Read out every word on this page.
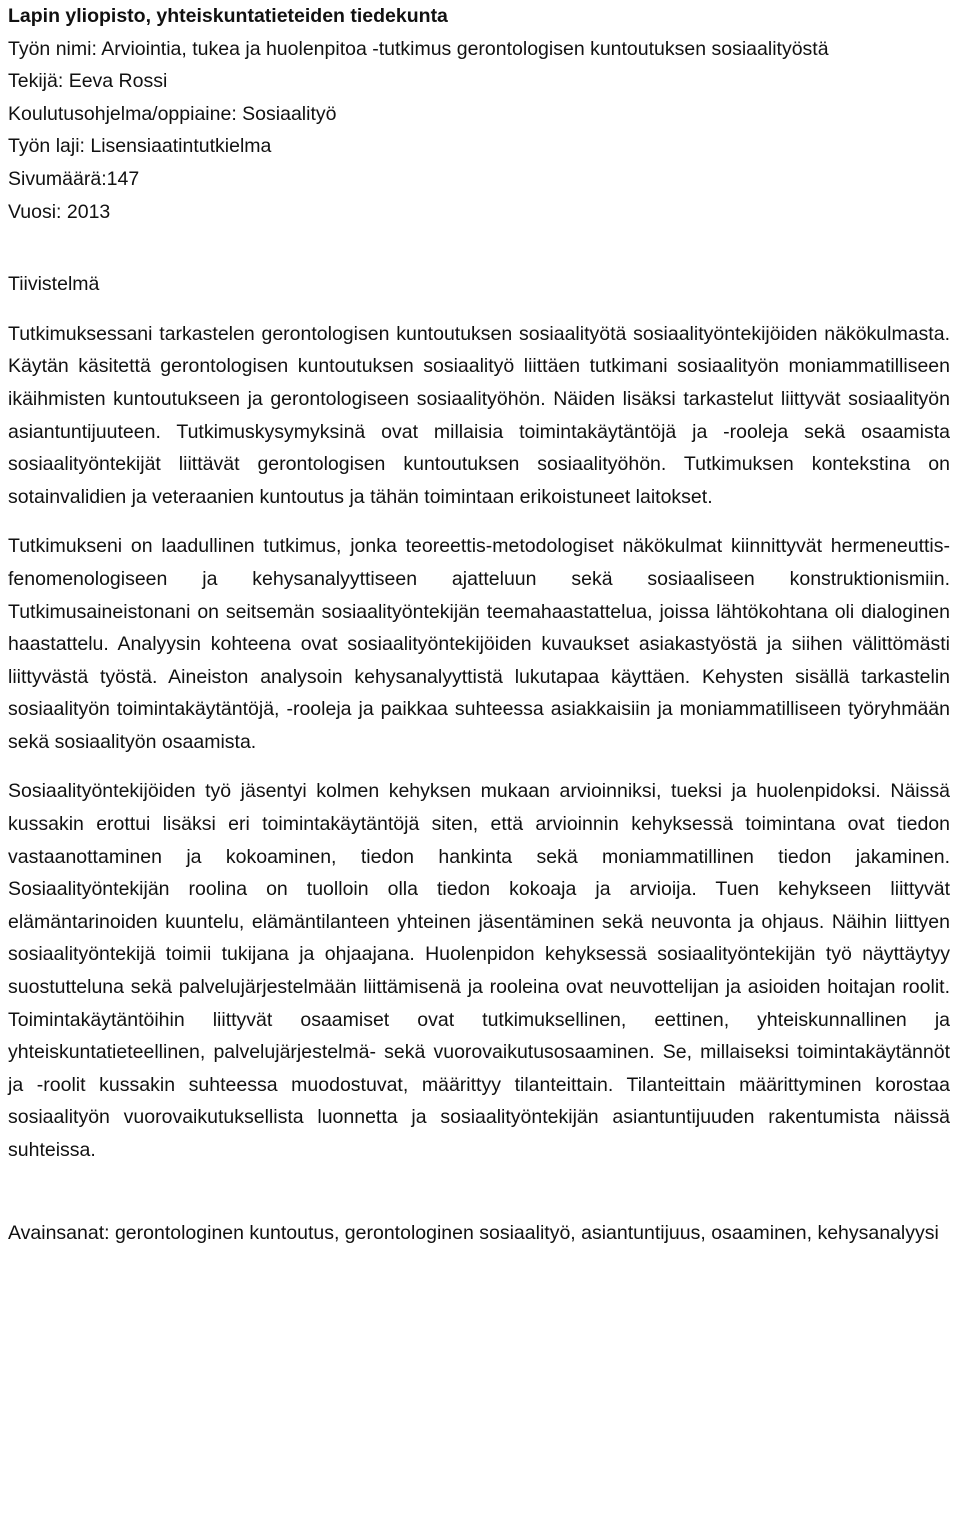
Lapin yliopisto, yhteiskuntatieteiden tiedekunta
Työn nimi: Arviointia, tukea ja huolenpitoa -tutkimus gerontologisen kuntoutuksen sosiaalityöstä
Tekijä: Eeva Rossi
Koulutusohjelma/oppiaine: Sosiaalityö
Työn laji: Lisensiaatintutkielma
Sivumäärä:147
Vuosi: 2013
Tiivistelmä

Tutkimuksessani tarkastelen gerontologisen kuntoutuksen sosiaalityötä sosiaalityöntekijöiden näkökulmasta. Käytän käsitettä gerontologisen kuntoutuksen sosiaalityö liittäen tutkimani sosiaalityön moniammatilliseen ikäihmisten kuntoutukseen ja gerontologiseen sosiaalityöhön. Näiden lisäksi tarkastelut liittyvät sosiaalityön asiantuntijuuteen. Tutkimuskysymyksinä ovat millaisia toimintakäytäntöjä ja -rooleja sekä osaamista sosiaalityöntekijät liittävät gerontologisen kuntoutuksen sosiaalityöhön. Tutkimuksen kontekstina on sotainvalidien ja veteraanien kuntoutus ja tähän toimintaan erikoistuneet laitokset.

Tutkimukseni on laadullinen tutkimus, jonka teoreettis-metodologiset näkökulmat kiinnittyvät hermeneuttis-fenomenologiseen ja kehysanalyyttiseen ajatteluun sekä sosiaaliseen konstruktionismiin. Tutkimusaineistonani on seitsemän sosiaalityöntekijän teemahaastattelua, joissa lähtökohtana oli dialoginen haastattelu. Analyysin kohteena ovat sosiaalityöntekijöiden kuvaukset asiakastyöstä ja siihen välittömästi liittyvästä työstä. Aineiston analysoin kehysanalyyttistä lukutapaa käyttäen. Kehysten sisällä tarkastelin sosiaalityön toimintakäytäntöjä, -rooleja ja paikkaa suhteessa asiakkaisiin ja moniammatilliseen työryhmään sekä sosiaalityön osaamista.

Sosiaalityöntekijöiden työ jäsentyi kolmen kehyksen mukaan arvioinniksi, tueksi ja huolenpidoksi. Näissä kussakin erottui lisäksi eri toimintakäytäntöjä siten, että arvioinnin kehyksessä toimintana ovat tiedon vastaanottaminen ja kokoaminen, tiedon hankinta sekä moniammatillinen tiedon jakaminen. Sosiaalityöntekijän roolina on tuolloin olla tiedon kokoaja ja arvioija. Tuen kehykseen liittyvät elämäntarinoiden kuuntelu, elämäntilanteen yhteinen jäsentäminen sekä neuvonta ja ohjaus. Näihin liittyen sosiaalityöntekijä toimii tukijana ja ohjaajana. Huolenpidon kehyksessä sosiaalityöntekijän työ näyttäytyy suostutteluna sekä palvelujärjestelmään liittämisenä ja rooleina ovat neuvottelijan ja asioiden hoitajan roolit. Toimintakäytäntöihin liittyvät osaamiset ovat tutkimuksellinen, eettinen, yhteiskunnallinen ja yhteiskuntatieteellinen, palvelujärjestelmä- sekä vuorovaikutusosaaminen. Se, millaiseksi toimintakäytännöt ja -roolit kussakin suhteessa muodostuvat, määrittyy tilanteittain. Tilanteittain määrittyminen korostaa sosiaalityön vuorovaikutuksellista luonnetta ja sosiaalityöntekijän asiantuntijuuden rakentumista näissä suhteissa.

Avainsanat: gerontologinen kuntoutus, gerontologinen sosiaalityö, asiantuntijuus, osaaminen, kehysanalyysi
